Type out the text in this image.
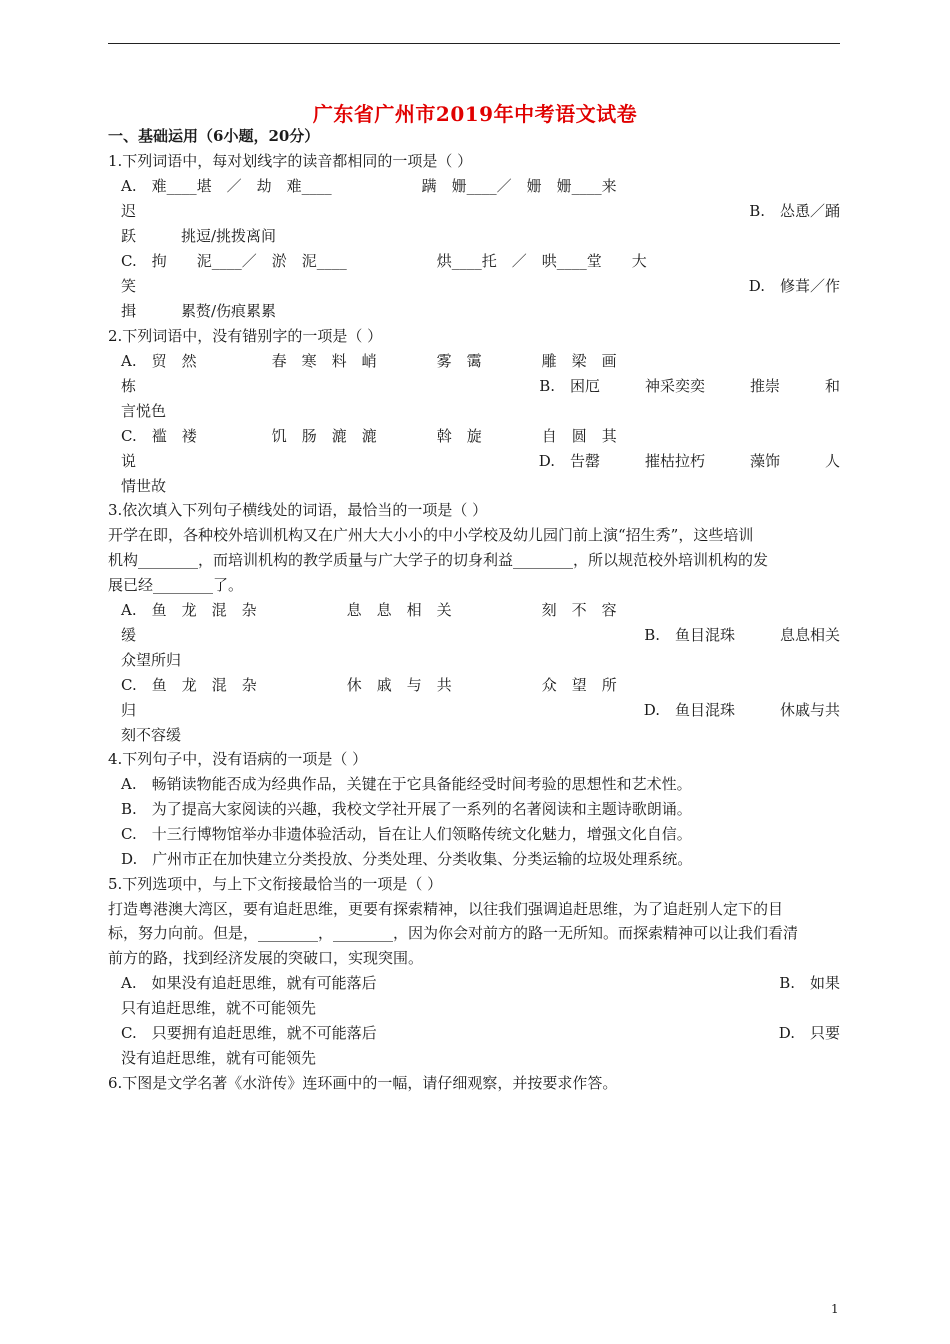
广东省广州市2019年中考语文试卷
一、基础运用（6小题，20分）
1.下列词语中，每对划线字的读音都相同的一项是（ ）
A.　难____堪　／　劫　难____　　　　　　蹒　姗____／　姗　姗____来
迟	B.　怂恿／踊
跃　　　挑逗/挑拨离间
C.　拘　　泥____／　淤　泥____　　　　　　烘____托　／　哄____堂　　大
笑	D.　修葺／作
揖　　　累赘/伤痕累累
2.下列词语中，没有错别字的一项是（ ）
A.　贸　然　　　　　春　寒　料　峭　　　　雾　霭　　　　雕　梁　画
栋	B.　困厄　　　神采奕奕　　　推崇　　　和
言悦色
C.　褴　褛　　　　　饥　肠　漉　漉　　　　斡　旋　　　　自　圆　其
说	D.　告罄　　　摧枯拉朽　　　藻饰　　　人
情世故
3.依次填入下列句子横线处的词语，最恰当的一项是（ ）
开学在即，各种校外培训机构又在广州大大小小的中小学校及幼儿园门前上演“招生秀”，这些培训
机构________，而培训机构的教学质量与广大学子的切身利益________，所以规范校外培训机构的发
展已经________了。
A.　鱼　龙　混　杂　　　　　　息　息　相　关　　　　　　刻　不　容
缓	B.　鱼目混珠　　　息息相关
众望所归
C.　鱼　龙　混　杂　　　　　　休　戚　与　共　　　　　　众　望　所
归	D.　鱼目混珠　　　休戚与共
刻不容缓
4.下列句子中，没有语病的一项是（ ）
A.　畅销读物能否成为经典作品，关键在于它具备能经受时间考验的思想性和艺术性。
B.　为了提高大家阅读的兴趣，我校文学社开展了一系列的名著阅读和主题诗歌朗诵。
C.　十三行博物馆举办非遗体验活动，旨在让人们领略传统文化魅力，增强文化自信。
D.　广州市正在加快建立分类投放、分类处理、分类收集、分类运输的垃圾处理系统。
5.下列选项中，与上下文衔接最恰当的一项是（ ）
打造粤港澳大湾区，要有追赶思维，更要有探索精神，以往我们强调追赶思维，为了追赶别人定下的目
标，努力向前。但是，________，________，因为你会对前方的路一无所知。而探索精神可以让我们看清
前方的路，找到经济发展的突破口，实现突围。
A.　如果没有追赶思维，就有可能落后	B.　如果
只有追赶思维，就不可能领先
C.　只要拥有追赶思维，就不可能落后	D.　只要
没有追赶思维，就有可能领先
6.下图是文学名著《水浒传》连环画中的一幅，请仔细观察，并按要求作答。
1
